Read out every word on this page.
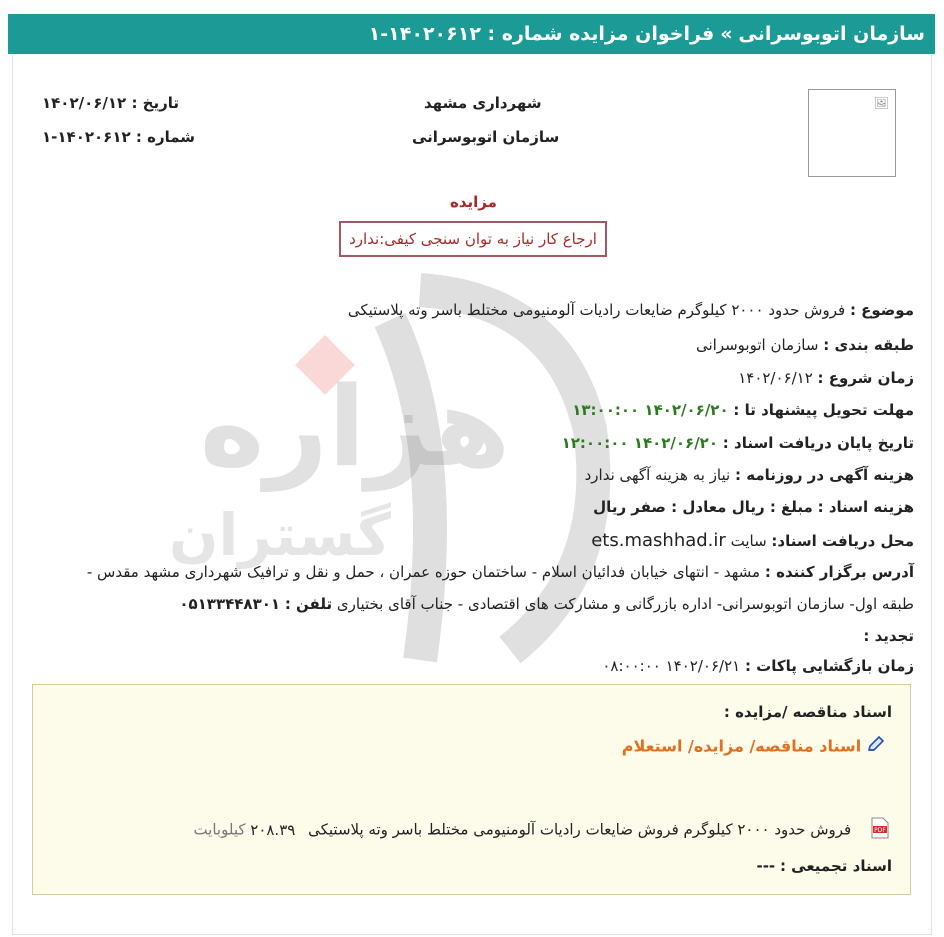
سازمان اتوبوسرانی
»
فراخوان مزایده شماره : ۱۴۰۲۰۶۱۲-۱
هزاره
گستران
🖼
تاریخ : ۱۴۰۲/۰۶/۱۲
شماره : ۱۴۰۲۰۶۱۲-۱
شهرداری مشهد
سازمان اتوبوسرانی
مزایده
ارجاع کار نیاز به توان سنجی کیفی:ندارد
موضوع : فروش حدود ۲۰۰۰ کیلوگرم ضایعات رادیات آلومنیومی مختلط باسر وته پلاستیکی
طبقه بندی : سازمان اتوبوسرانی
زمان شروع : ۱۴۰۲/۰۶/۱۲
مهلت تحویل پیشنهاد تا : ۱۴۰۲/۰۶/۲۰ ۱۳:۰۰:۰۰
تاریخ پایان دریافت اسناد : ۱۴۰۲/۰۶/۲۰ ۱۲:۰۰:۰۰
هزینه آگهی در روزنامه : نیاز به هزینه آگهی ندارد
هزینه اسناد : مبلغ : ریال معادل : صفر ریال
محل دریافت اسناد: سایت ets.mashhad.ir
آدرس برگزار کننده : مشهد - انتهای خیابان فدائیان اسلام - ساختمان حوزه عمران ، حمل و نقل و ترافیک شهرداری مشهد مقدس -
طبقه اول- سازمان اتوبوسرانی- اداره بازرگانی و مشارکت های اقتصادی - جناب آقای بختیاری تلفن : ۰۵۱۳۳۴۴۸۳۰۱
تجدید :
زمان بازگشایی پاکات : ۱۴۰۲/۰۶/۲۱ ۰۸:۰۰:۰۰
اسناد مناقصه /مزایده :
اسناد مناقصه/ مزایده/ استعلام
PDF
فروش حدود ۲۰۰۰ کیلوگرم فروش ضایعات رادیات آلومنیومی مختلط باسر وته پلاستیکی ۲۰۸.۳۹ کیلوبایت
اسناد تجمیعی : ---
